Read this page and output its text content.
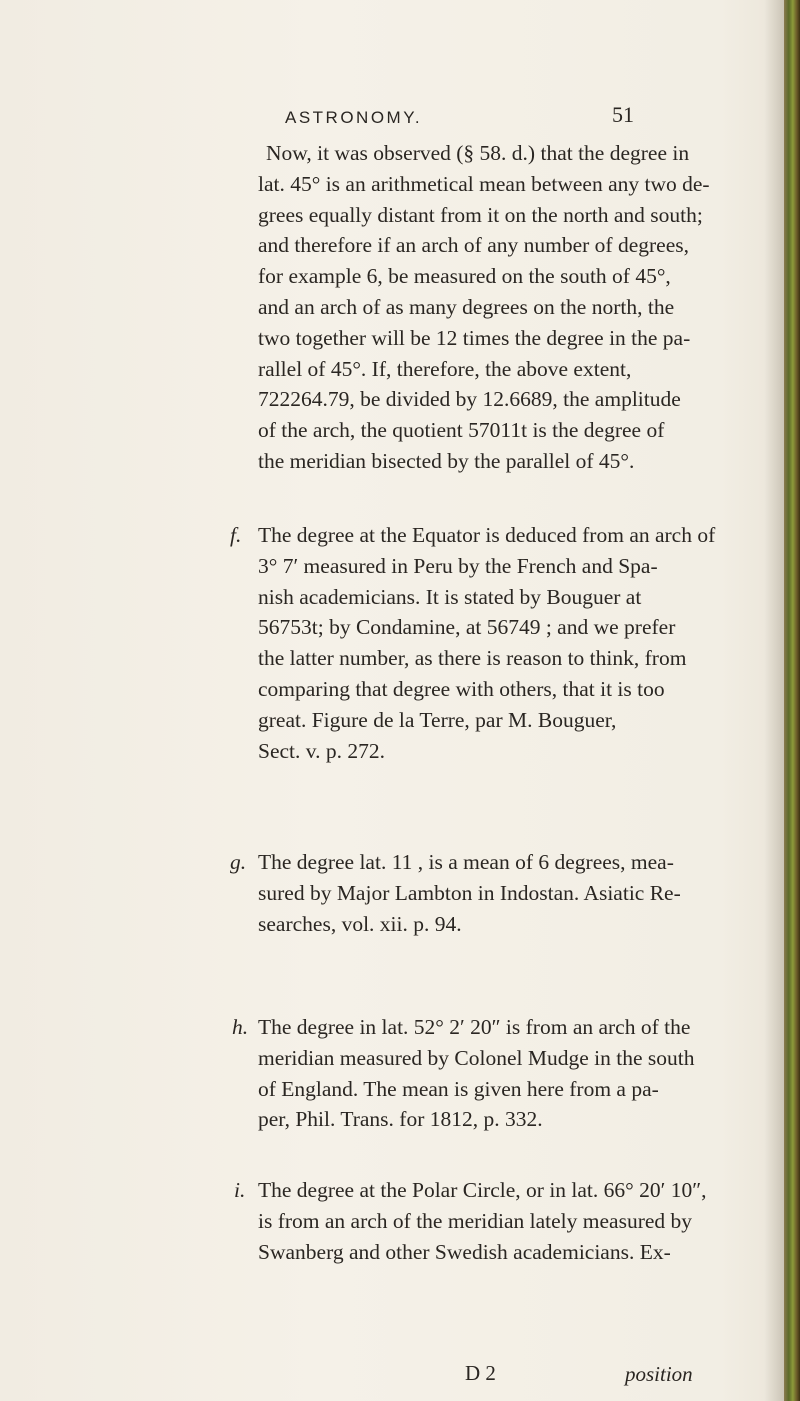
ASTRONOMY.	51
Now, it was observed (§ 58. d.) that the degree in
lat. 45° is an arithmetical mean between any two de-
grees equally distant from it on the north and south;
and therefore if an arch of any number of degrees,
for example 6, be measured on the south of 45°,
and an arch of as many degrees on the north, the
two together will be 12 times the degree in the pa-
rallel of 45°. If, therefore, the above extent,
722264.79, be divided by 12.6689, the amplitude
of the arch, the quotient 57011t is the degree of
the meridian bisected by the parallel of 45°.
f. The degree at the Equator is deduced from an arch of
3° 7′ measured in Peru by the French and Spa-
nish academicians. It is stated by Bouguer at
56753t; by Condamine, at 56749 ; and we prefer
the latter number, as there is reason to think, from
comparing that degree with others, that it is too
great. Figure de la Terre, par M. Bouguer,
Sect. v. p. 272.
g. The degree lat. 11 , is a mean of 6 degrees, mea-
sured by Major Lambton in Indostan. Asiatic Re-
searches, vol. xii. p. 94.
h. The degree in lat. 52° 2′ 20″ is from an arch of the
meridian measured by Colonel Mudge in the south
of England. The mean is given here from a pa-
per, Phil. Trans. for 1812, p. 332.
i. The degree at the Polar Circle, or in lat. 66° 20′ 10″,
is from an arch of the meridian lately measured by
Swanberg and other Swedish academicians. Ex-
D 2	position
